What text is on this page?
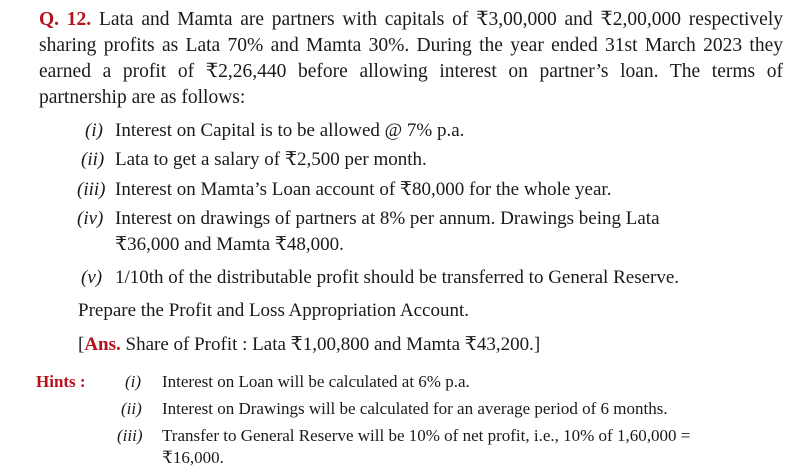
Q. 12. Lata and Mamta are partners with capitals of ₹3,00,000 and ₹2,00,000 respectively sharing profits as Lata 70% and Mamta 30%. During the year ended 31st March 2023 they earned a profit of ₹2,26,440 before allowing interest on partner’s loan. The terms of partnership are as follows:
(i) Interest on Capital is to be allowed @ 7% p.a.
(ii) Lata to get a salary of ₹2,500 per month.
(iii) Interest on Mamta’s Loan account of ₹80,000 for the whole year.
(iv) Interest on drawings of partners at 8% per annum. Drawings being Lata
₹36,000 and Mamta ₹48,000.
(v) 1/10th of the distributable profit should be transferred to General Reserve.
Prepare the Profit and Loss Appropriation Account.
[Ans. Share of Profit : Lata ₹1,00,800 and Mamta ₹43,200.]
Hints : (i) Interest on Loan will be calculated at 6% p.a.
(ii) Interest on Drawings will be calculated for an average period of 6 months.
(iii) Transfer to General Reserve will be 10% of net profit, i.e., 10% of 1,60,000 =
₹16,000.
